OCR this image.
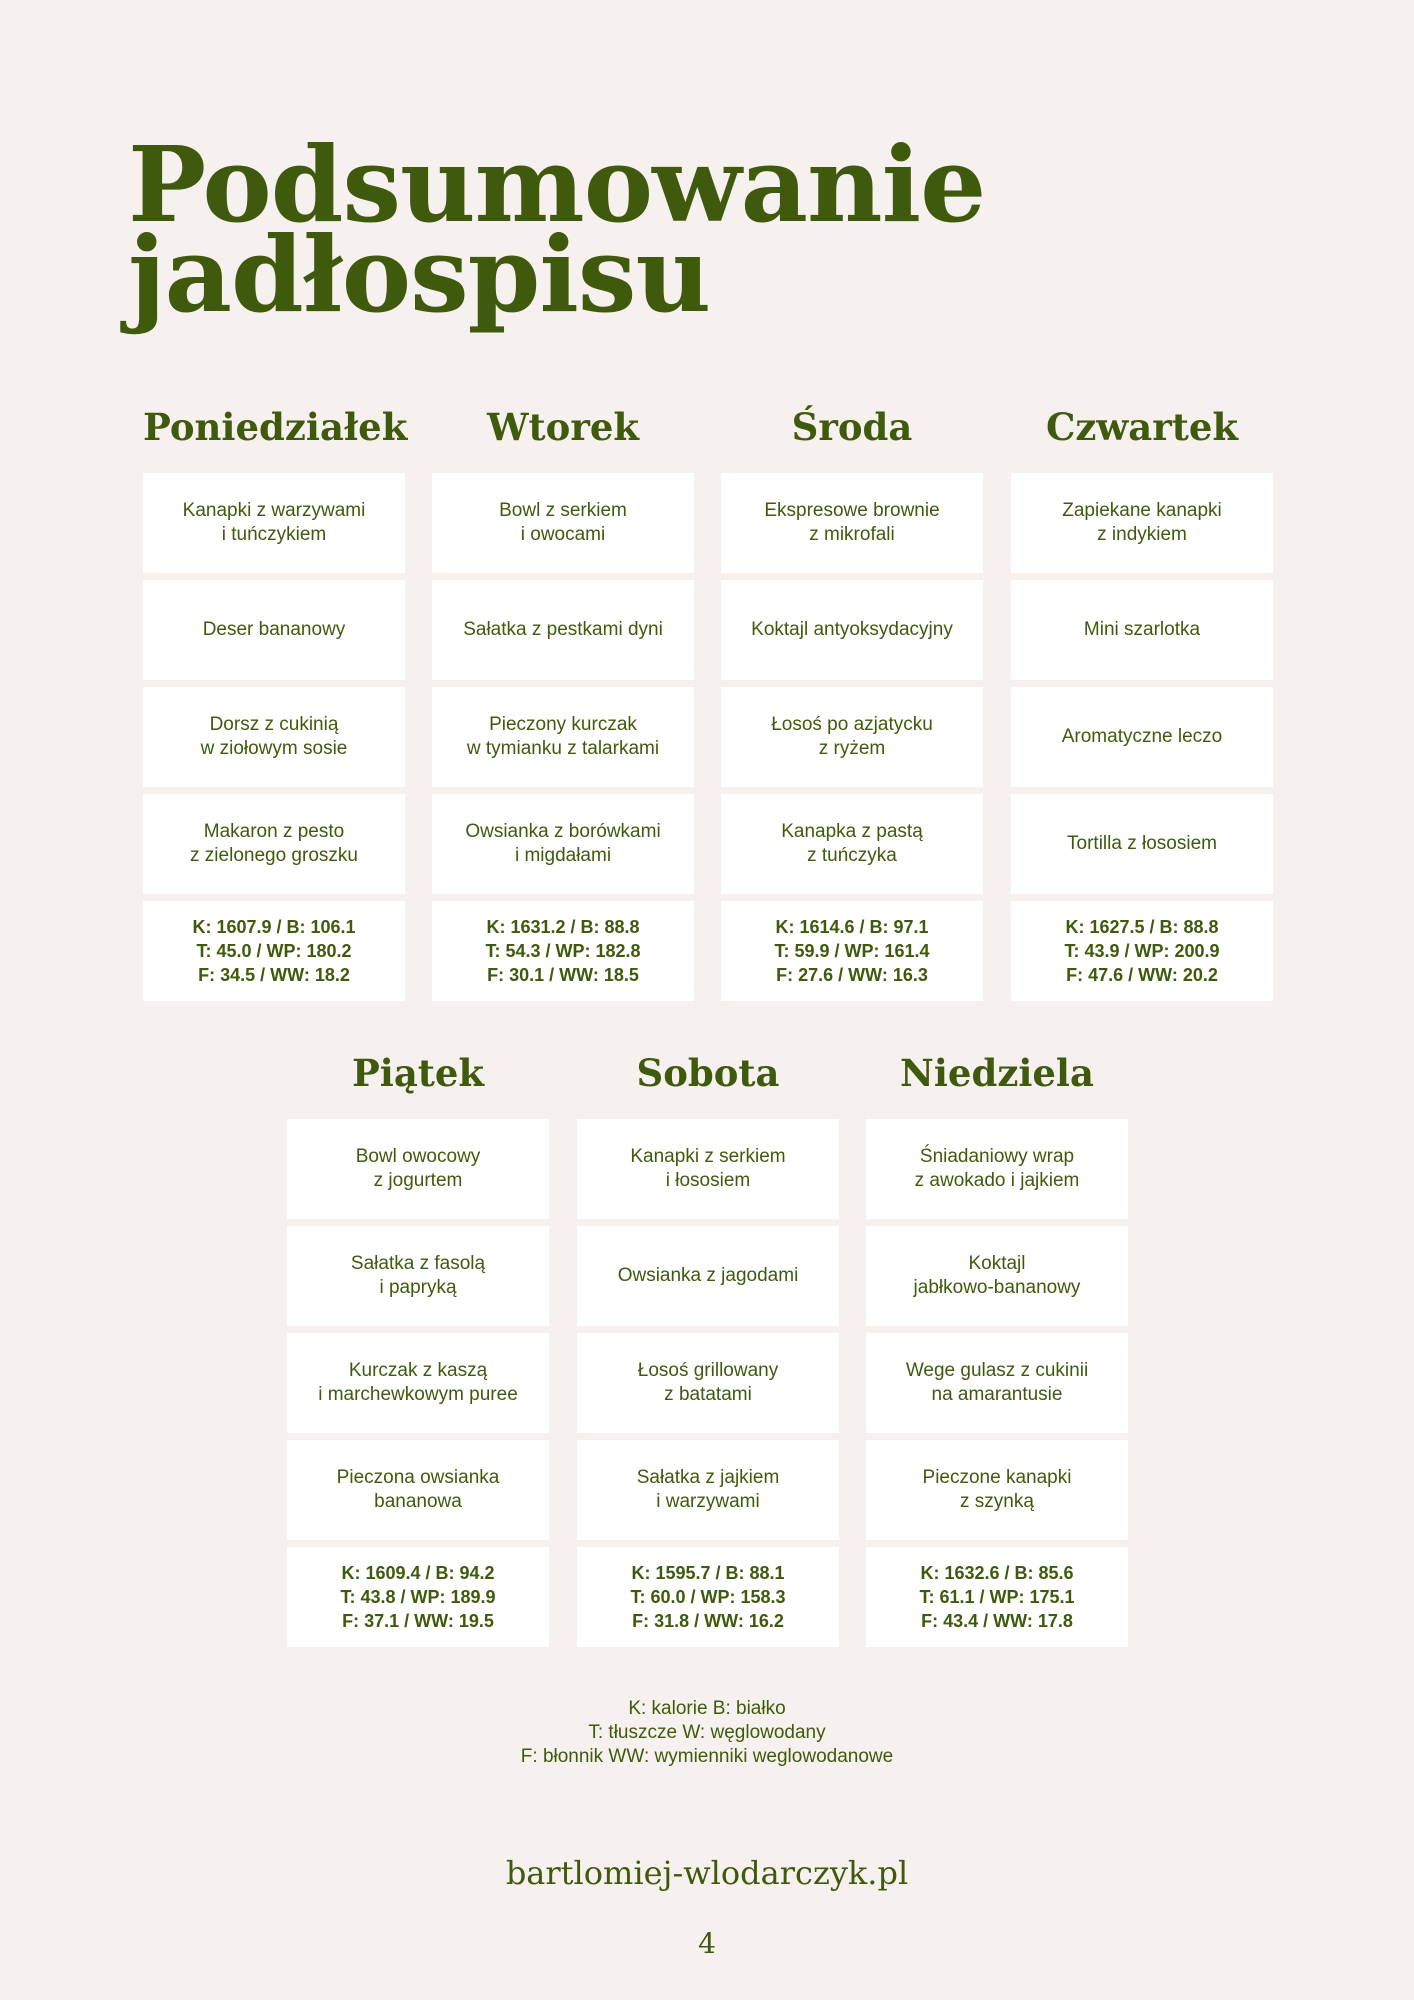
Podsumowanie
jadłospisu
Poniedziałek
Kanapki z warzywami
i tuńczykiem
Deser bananowy
Dorsz z cukinią
w ziołowym sosie
Makaron z pesto
z zielonego groszku
K: 1607.9 / B: 106.1
T: 45.0 / WP: 180.2
F: 34.5 / WW: 18.2
Wtorek
Bowl z serkiem
i owocami
Sałatka z pestkami dyni
Pieczony kurczak
w tymianku z talarkami
Owsianka z borówkami
i migdałami
K: 1631.2 / B: 88.8
T: 54.3 / WP: 182.8
F: 30.1 / WW: 18.5
Środa
Ekspresowe brownie
z mikrofali
Koktajl antyoksydacyjny
Łosoś po azjatycku
z ryżem
Kanapka z pastą
z tuńczyka
K: 1614.6 / B: 97.1
T: 59.9 / WP: 161.4
F: 27.6 / WW: 16.3
Czwartek
Zapiekane kanapki
z indykiem
Mini szarlotka
Aromatyczne leczo
Tortilla z łososiem
K: 1627.5 / B: 88.8
T: 43.9 / WP: 200.9
F: 47.6 / WW: 20.2
Piątek
Bowl owocowy
z jogurtem
Sałatka z fasolą
i papryką
Kurczak z kaszą
i marchewkowym puree
Pieczona owsianka
bananowa
K: 1609.4 / B: 94.2
T: 43.8 / WP: 189.9
F: 37.1 / WW: 19.5
Sobota
Kanapki z serkiem
i łososiem
Owsianka z jagodami
Łosoś grillowany
z batatami
Sałatka z jajkiem
i warzywami
K: 1595.7 / B: 88.1
T: 60.0 / WP: 158.3
F: 31.8 / WW: 16.2
Niedziela
Śniadaniowy wrap
z awokado i jajkiem
Koktajl
jabłkowo-bananowy
Wege gulasz z cukinii
na amarantusie
Pieczone kanapki
z szynką
K: 1632.6 / B: 85.6
T: 61.1 / WP: 175.1
F: 43.4 / WW: 17.8
K: kalorie B: białko
T: tłuszcze W: węglowodany
F: błonnik WW: wymienniki weglowodanowe
bartlomiej-wlodarczyk.pl
4
